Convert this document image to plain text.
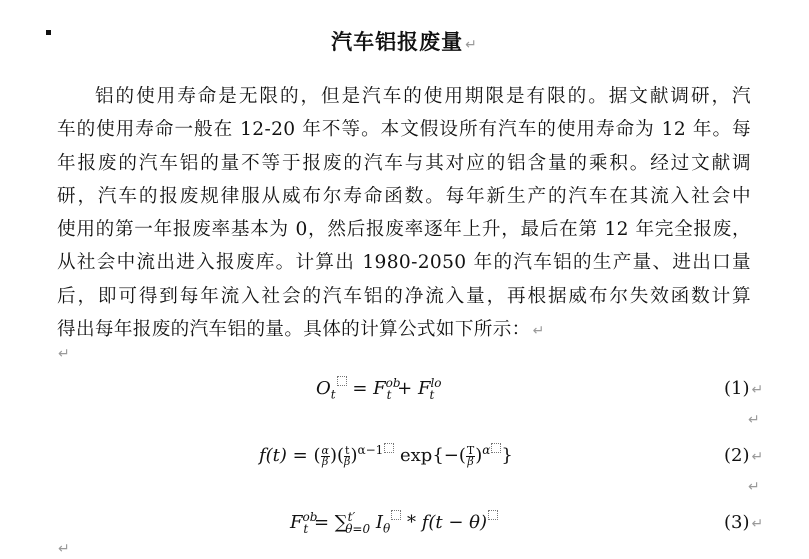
汽车铝报废量 ↵
铝的使用寿命是无限的，但是汽车的使用期限是有限的。据文献调研，汽
车的使用寿命一般在 12-20 年不等。本文假设所有汽车的使用寿命为 12 年。每
年报废的汽车铝的量不等于报废的汽车与其对应的铝含量的乘积。经过文献调
研，汽车的报废规律服从威布尔寿命函数。每年新生产的汽车在其流入社会中
使用的第一年报废率基本为 0，然后报废率逐年上升，最后在第 12 年完全报废，
从社会中流出进入报废库。计算出 1980-2050 年的汽车铝的生产量、进出口量
后，即可得到每年流入社会的汽车铝的净流入量，再根据威布尔失效函数计算
得出每年报废的汽车铝的量。具体的计算公式如下所示： ↵
↵
$O_t = F^{ob}_t + F^{lo}_t$	(1) ↵
↵
f(t) = ( $\frac{\alpha}{\beta}$ )( $\frac{t}{\beta} )^{\alpha-1}$ $\exp\{-( \frac{T}{\beta} )^\alpha$ }	(2) ↵
↵
$F^{ob}_t = \sum^{t'}_{\theta=0}$ $I_\theta * f(t - \theta)$	(3) ↵
↵
